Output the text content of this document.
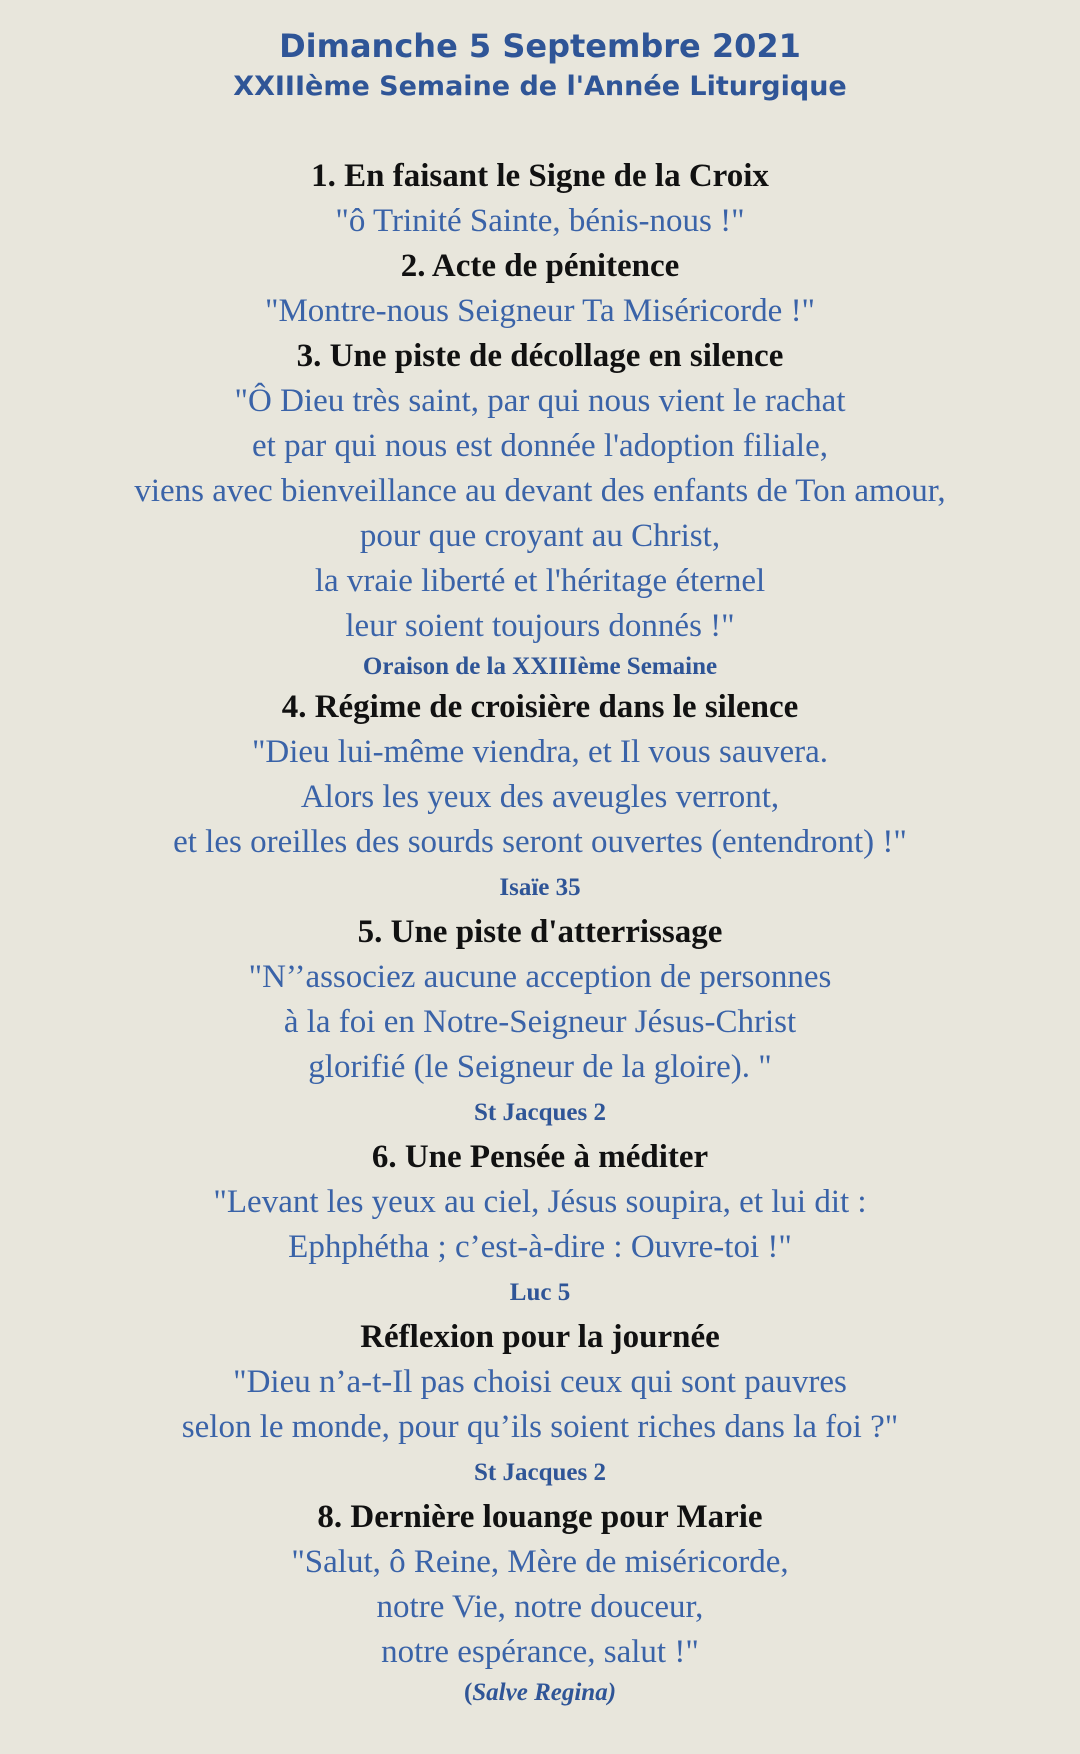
Dimanche 5 Septembre 2021
XXIIIème Semaine de l'Année Liturgique
1. En faisant le Signe de la Croix
"ô Trinité Sainte, bénis-nous !"
2. Acte de pénitence
"Montre-nous Seigneur Ta Miséricorde !"
3. Une piste de décollage en silence
"Ô Dieu très saint, par qui nous vient le rachat
et par qui nous est donnée l'adoption filiale,
viens avec bienveillance au devant des enfants de Ton amour,
pour que croyant au Christ,
la vraie liberté et l'héritage éternel
leur soient toujours donnés !"
Oraison de la XXIIIème Semaine
4. Régime de croisière dans le silence
"Dieu lui-même viendra, et Il vous sauvera.
Alors les yeux des aveugles verront,
et les oreilles des sourds seront ouvertes (entendront) !"
Isaïe 35
5. Une piste d'atterrissage
"N’’associez aucune acception de personnes
à la foi en Notre-Seigneur Jésus-Christ
glorifié (le Seigneur de la gloire). "
St Jacques 2
6. Une Pensée à méditer
"Levant les yeux au ciel, Jésus soupira, et lui dit :
Ephphétha ; c’est-à-dire : Ouvre-toi !"
Luc 5
Réflexion pour la journée
"Dieu n’a-t-Il pas choisi ceux qui sont pauvres
selon le monde, pour qu’ils soient riches dans la foi ?"
St Jacques 2
8. Dernière louange pour Marie
"Salut, ô Reine, Mère de miséricorde,
notre Vie, notre douceur,
notre espérance, salut !"
(Salve Regina)
